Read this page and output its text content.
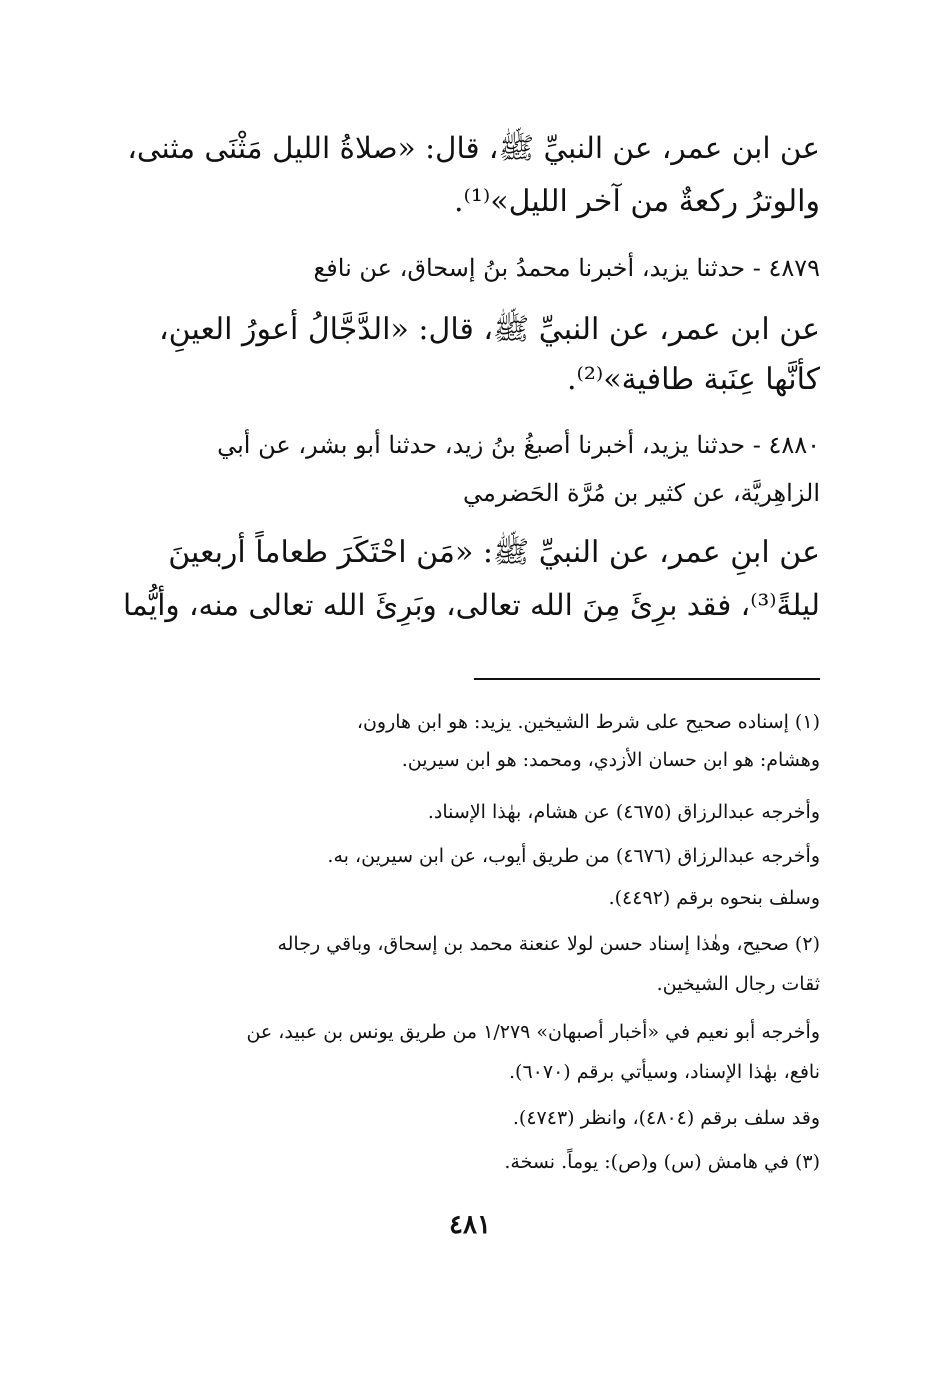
عن ابن عمر، عن النبيِّ ﷺ، قال: «صلاةُ الليل مَثْنَى مثنى،
والوترُ ركعةٌ من آخر الليل»⁽¹⁾.
٤٨٧٩ - حدثنا يزيد، أخبرنا محمدُ بنُ إسحاق، عن نافع
عن ابن عمر، عن النبيِّ ﷺ، قال: «الدَّجَّالُ أعورُ العينِ،
كأنَّها عِنَبة طافية»⁽²⁾.
٤٨٨٠ - حدثنا يزيد، أخبرنا أصبغُ بنُ زيد، حدثنا أبو بشر، عن أبي
الزاهِريَّة، عن كثير بن مُرَّة الحَضرمي
عن ابنِ عمر، عن النبيِّ ﷺ: «مَن احْتَكَرَ طعاماً أربعينَ
ليلةً⁽³⁾، فقد برِئَ مِنَ الله تعالى، وبَرِئَ الله تعالى منه، وأيُّما
(١) إسناده صحيح على شرط الشيخين. يزيد: هو ابن هارون،
وهشام: هو ابن حسان الأزدي، ومحمد: هو ابن سيرين.
وأخرجه عبدالرزاق (٤٦٧٥) عن هشام، بهٰذا الإسناد.
وأخرجه عبدالرزاق (٤٦٧٦) من طريق أيوب، عن ابن سيرين، به.
وسلف بنحوه برقم (٤٤٩٢).
(٢) صحيح، وهٰذا إسناد حسن لولا عنعنة محمد بن إسحاق، وباقي رجاله
ثقات رجال الشيخين.
وأخرجه أبو نعيم في «أخبار أصبهان» ١/٢٧٩ من طريق يونس بن عبيد، عن
نافع، بهٰذا الإسناد، وسيأتي برقم (٦٠٧٠).
وقد سلف برقم (٤٨٠٤)، وانظر (٤٧٤٣).
(٣) في هامش (س) و(ص): يوماً. نسخة.
٤٨١
